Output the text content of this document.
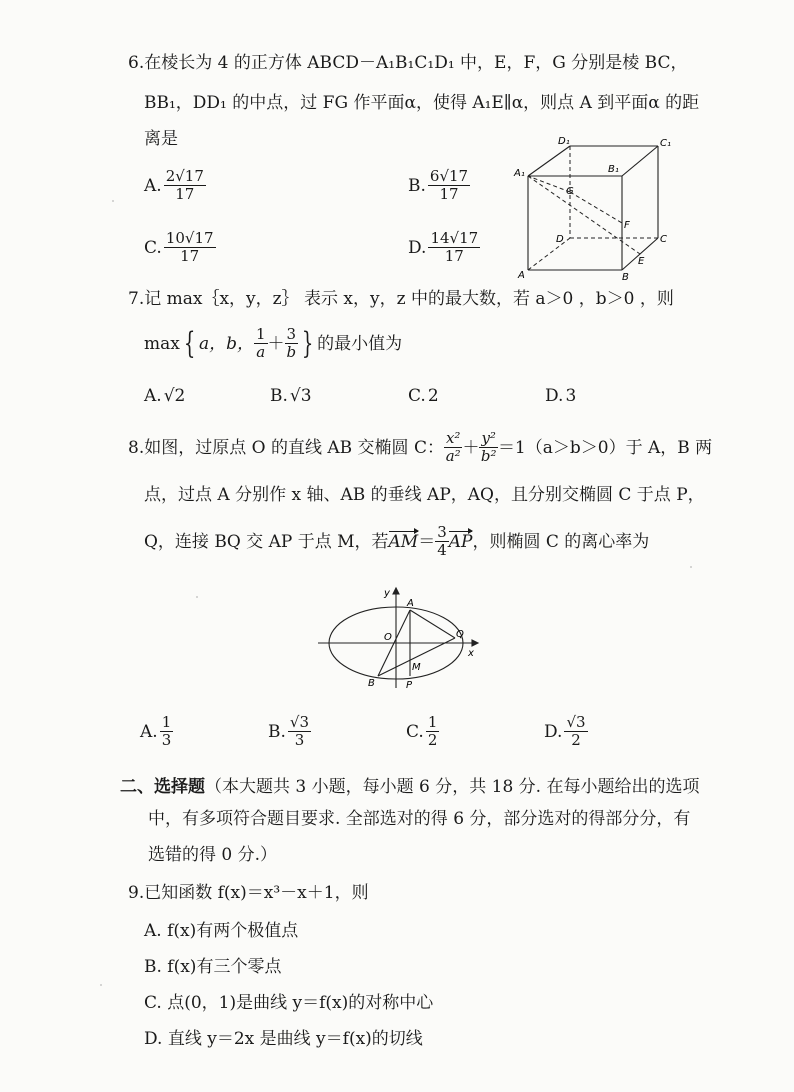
6.在棱长为 4 的正方体 ABCD－A₁B₁C₁D₁ 中，E，F，G 分别是棱 BC，
BB₁，DD₁ 的中点，过 FG 作平面α，使得 A₁E∥α，则点 A 到平面α 的距
离是
A. $\frac{2√17}{17}$	B. $\frac{6√17}{17}$
C. $\frac{10√17}{17}$	D. $\frac{14√17}{17}$
D₁	C₁
B₁
A₁
G
F
D	C
A	B
E
7.记 max｛x，y，z｝ 表示 x，y，z 中的最大数，若 a＞0 ，b＞0 ，则
max { a，b， $\frac{1}{a} + \frac{3}{b}$ } 的最小值为
A. √2	B. √3	C. 2	D. 3
8.如图，过原点 O 的直线 AB 交椭圆 C： $\frac{\text{x²}}{\text{a²}} + \frac{\text{y²}}{\text{b²}} =1(a>b>0)$于 A，B 两
点，过点 A 分别作 x 轴、AB 的垂线 AP，AQ，且分别交椭圆 C 于点 P，
Q，连接 BQ 交 AP 于点 M，若 AM ＝ $\frac{3}{4}$ AP ，则椭圆 C 的离心率为
y
x
O
A
Q
M
B	P
A. $\frac{1}{3}$	B. $\frac{√3}{3}$	C. $\frac{1}{2}$	D. $\frac{√3}{2}$
二、选择题（本大题共 3 小题，每小题 6 分，共 18 分. 在每小题给出的选项
中，有多项符合题目要求. 全部选对的得 6 分，部分选对的得部分分，有
选错的得 0 分.）
9.已知函数 f(x)＝x³－x＋1，则
A. f(x)有两个极值点
B. f(x)有三个零点
C. 点(0，1)是曲线 y＝f(x)的对称中心
D. 直线 y＝2x 是曲线 y＝f(x)的切线
